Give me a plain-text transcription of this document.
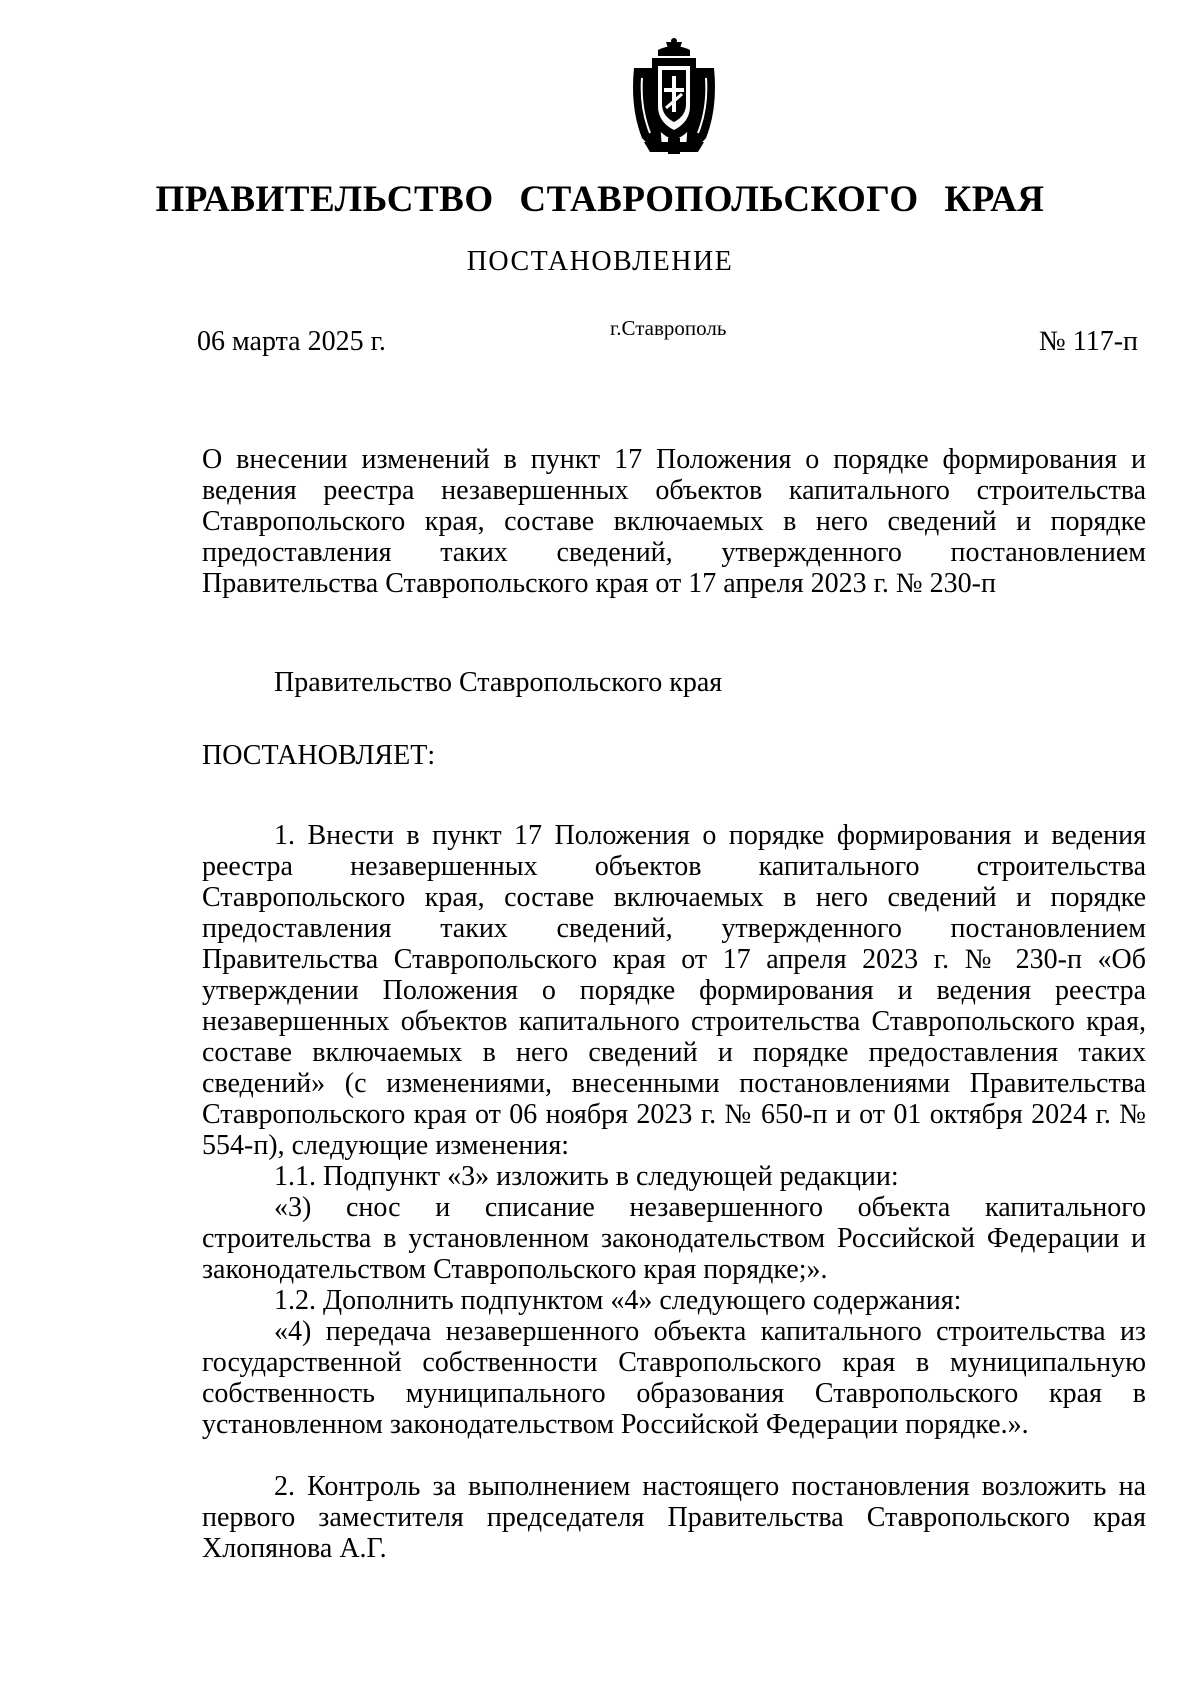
ПРАВИТЕЛЬСТВО СТАВРОПОЛЬСКОГО КРАЯ
ПОСТАНОВЛЕНИЕ
06 марта 2025 г.	г.Ставрополь	№ 117-п

О внесении изменений в пункт 17 Положения о порядке формирования и ведения реестра незавершенных объектов капитального строительства Ставропольского края, составе включаемых в него сведений и порядке предоставления таких сведений, утвержденного постановлением Правительства Ставропольского края от 17 апреля 2023 г. № 230-п

Правительство Ставропольского края

ПОСТАНОВЛЯЕТ:

1. Внести в пункт 17 Положения о порядке формирования и ведения реестра незавершенных объектов капитального строительства Ставропольского края, составе включаемых в него сведений и порядке предоставления таких сведений, утвержденного постановлением Правительства Ставропольского края от 17 апреля 2023 г. № 230-п «Об утверждении Положения о порядке формирования и ведения реестра незавершенных объектов капитального строительства Ставропольского края, составе включаемых в него сведений и порядке предоставления таких сведений» (с изменениями, внесенными постановлениями Правительства Ставропольского края от 06 ноября 2023 г. № 650-п и от 01 октября 2024 г. № 554-п), следующие изменения:

1.1. Подпункт «3» изложить в следующей редакции:

«3) снос и списание незавершенного объекта капитального строительства в установленном законодательством Российской Федерации и законодательством Ставропольского края порядке;».

1.2. Дополнить подпунктом «4» следующего содержания:

«4) передача незавершенного объекта капитального строительства из государственной собственности Ставропольского края в муниципальную собственность муниципального образования Ставропольского края в установленном законодательством Российской Федерации порядке.».

2. Контроль за выполнением настоящего постановления возложить на первого заместителя председателя Правительства Ставропольского края Хлопянова А.Г.
